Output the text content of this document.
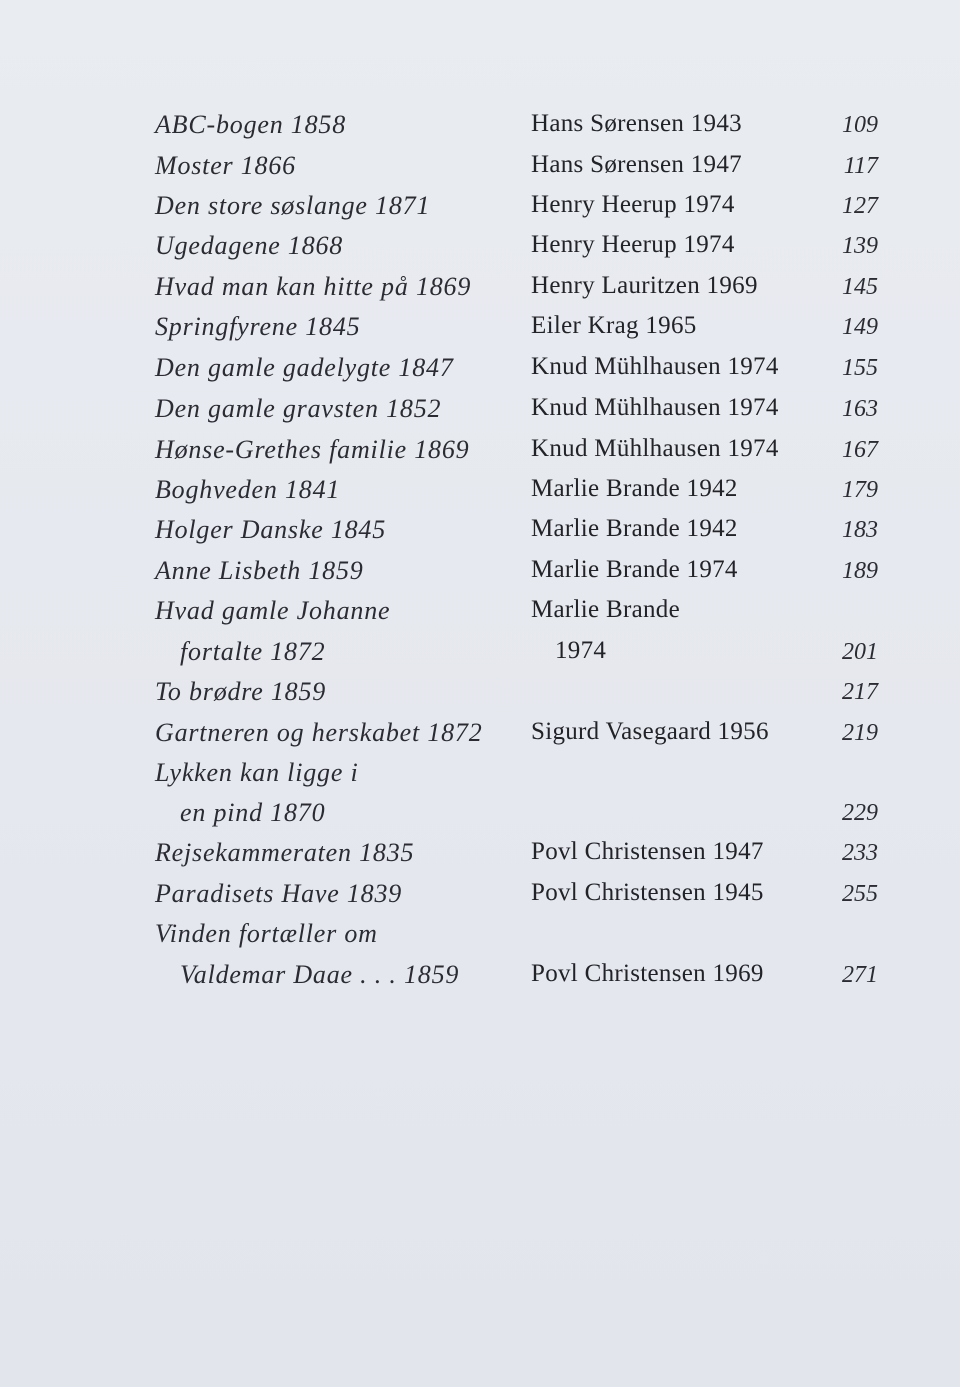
ABC-bogen 1858	Hans Sørensen 1943	109
Moster 1866	Hans Sørensen 1947	117
Den store søslange 1871	Henry Heerup 1974	127
Ugedagene 1868	Henry Heerup 1974	139
Hvad man kan hitte på 1869 Henry Lauritzen 1969	145
Springfyrene 1845	Eiler Krag 1965	149
Den gamle gadelygte 1847	Knud Mühlhausen 1974	155
Den gamle gravsten 1852	Knud Mühlhausen 1974	163
Hønse-Grethes familie 1869 Knud Mühlhausen 1974	167
Boghveden 1841	Marlie Brande 1942	179
Holger Danske 1845	Marlie Brande 1942	183
Anne Lisbeth 1859	Marlie Brande 1974	189
Hvad gamle Johanne	Marlie Brande
fortalte 1872	1974	201
To brødre 1859	217
Gartneren og herskabet 1872 Sigurd Vasegaard 1956	219
Lykken kan ligge i
en pind 1870	229
Rejsekammeraten 1835	Povl Christensen 1947	233
Paradisets Have 1839	Povl Christensen 1945	255
Vinden fortæller om
Valdemar Daae . . . 1859	Povl Christensen 1969	271
